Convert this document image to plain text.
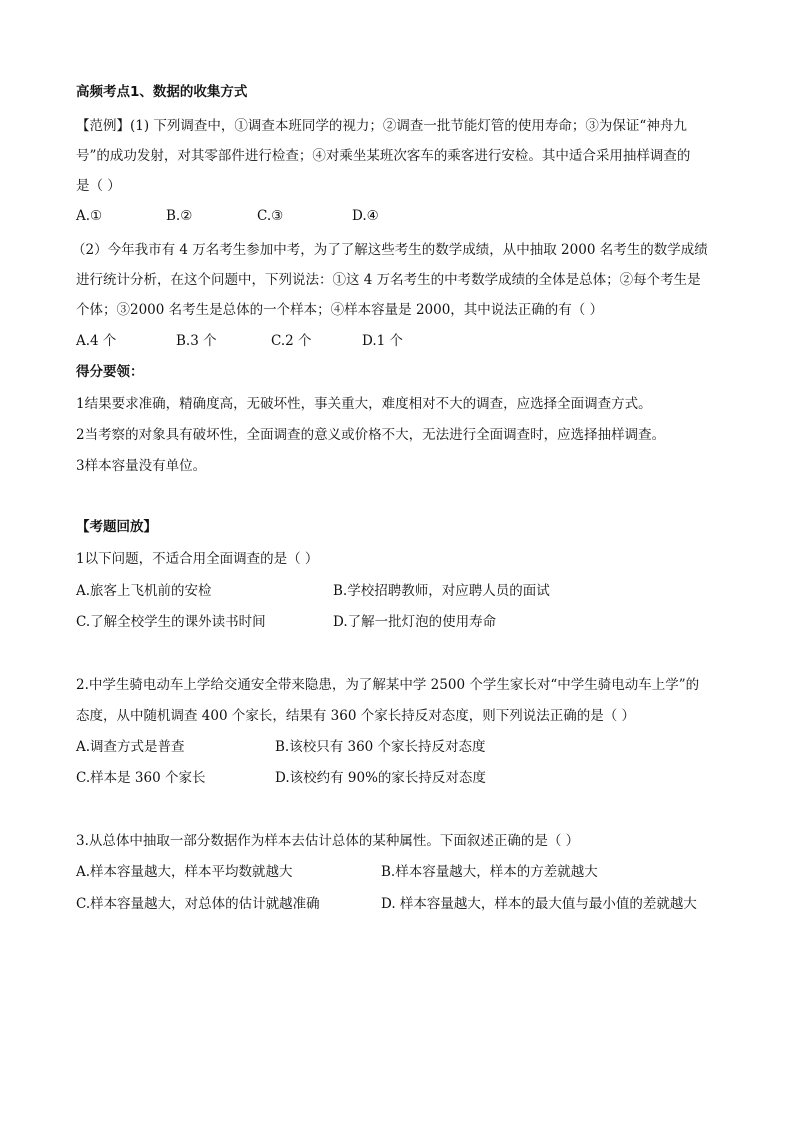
高频考点1、数据的收集方式
【范例】(1) 下列调查中，①调查本班同学的视力；②调查一批节能灯管的使用寿命；③为保证“神舟九
号”的成功发射，对其零部件进行检查；④对乘坐某班次客车的乘客进行安检。其中适合采用抽样调查的
是（ ）
A.①	B.②	C.③	D.④
（2）今年我市有 4 万名考生参加中考，为了了解这些考生的数学成绩，从中抽取 2000 名考生的数学成绩
进行统计分析，在这个问题中，下列说法：①这 4 万名考生的中考数学成绩的全体是总体；②每个考生是
个体；③2000 名考生是总体的一个样本；④样本容量是 2000，其中说法正确的有（ ）
A.4 个	B.3 个	C.2 个	D.1 个
得分要领：
1结果要求准确，精确度高，无破坏性，事关重大，难度相对不大的调查，应选择全面调查方式。
2当考察的对象具有破坏性，全面调查的意义或价格不大，无法进行全面调查时，应选择抽样调查。
3样本容量没有单位。
【考题回放】
1以下问题，不适合用全面调查的是（ ）
A.旅客上飞机前的安检	B.学校招聘教师，对应聘人员的面试
C.了解全校学生的课外读书时间	D.了解一批灯泡的使用寿命
2.中学生骑电动车上学给交通安全带来隐患，为了解某中学 2500 个学生家长对“中学生骑电动车上学”的
态度，从中随机调查 400 个家长，结果有 360 个家长持反对态度，则下列说法正确的是（ ）
A.调查方式是普查	B.该校只有 360 个家长持反对态度
C.样本是 360 个家长	D.该校约有 90%的家长持反对态度
3.从总体中抽取一部分数据作为样本去估计总体的某种属性。下面叙述正确的是（ ）
A.样本容量越大，样本平均数就越大	B.样本容量越大，样本的方差就越大
C.样本容量越大，对总体的估计就越准确	D. 样本容量越大，样本的最大值与最小值的差就越大
